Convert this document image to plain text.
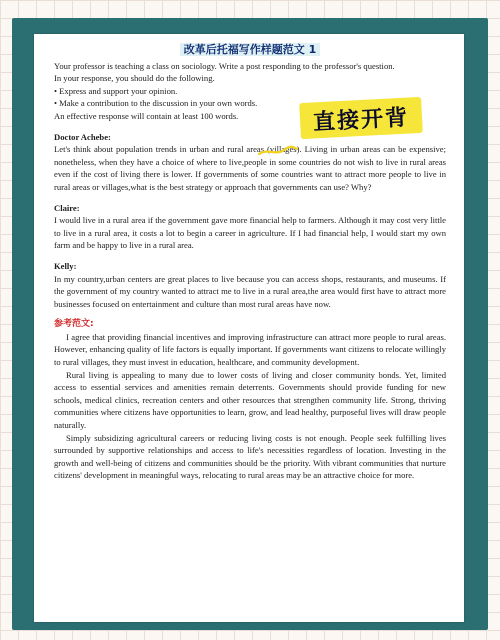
改革后托福写作样题范文 1

Your professor is teaching a class on sociology. Write a post responding to the professor's question.

In your response, you should do the following.

• Express and support your opinion.

• Make a contribution to the discussion in your own words.

An effective response will contain at least 100 words.

Doctor Achebe:

Let's think about population trends in urban and rural areas (villages). Living in urban areas can be expensive; nonetheless, when they have a choice of where to live,people in some countries do not wish to live in rural areas even if the cost of living there is lower. If governments of some countries want to attract more people to live in rural areas or villages,what is the best strategy or approach that governments can use? Why?

Claire:

I would live in a rural area if the government gave more financial help to farmers. Although it may cost very little to live in a rural area, it costs a lot to begin a career in agriculture. If I had financial help, I would start my own farm and be happy to live in a rural area.

Kelly:

In my country,urban centers are great places to live because you can access shops, restaurants, and museums. If the government of my country wanted to attract me to live in a rural area,the area would first have to attract more businesses focused on entertainment and culture than most rural areas have now.

参考范文:

I agree that providing financial incentives and improving infrastructure can attract more people to rural areas. However, enhancing quality of life factors is equally important. If governments want citizens to relocate willingly to rural villages, they must invest in education, healthcare, and community development.

Rural living is appealing to many due to lower costs of living and closer community bonds. Yet, limited access to essential services and amenities remain deterrents. Governments should provide funding for new schools, medical clinics, recreation centers and other resources that strengthen community life. Strong, thriving communities where citizens have opportunities to learn, grow, and lead healthy, purposeful lives will draw people naturally.

Simply subsidizing agricultural careers or reducing living costs is not enough. People seek fulfilling lives surrounded by supportive relationships and access to life's necessities regardless of location. Investing in the growth and well-being of citizens and communities should be the priority. With vibrant communities that nurture citizens' development in meaningful ways, relocating to rural areas may be an attractive choice for more.

直接开背
